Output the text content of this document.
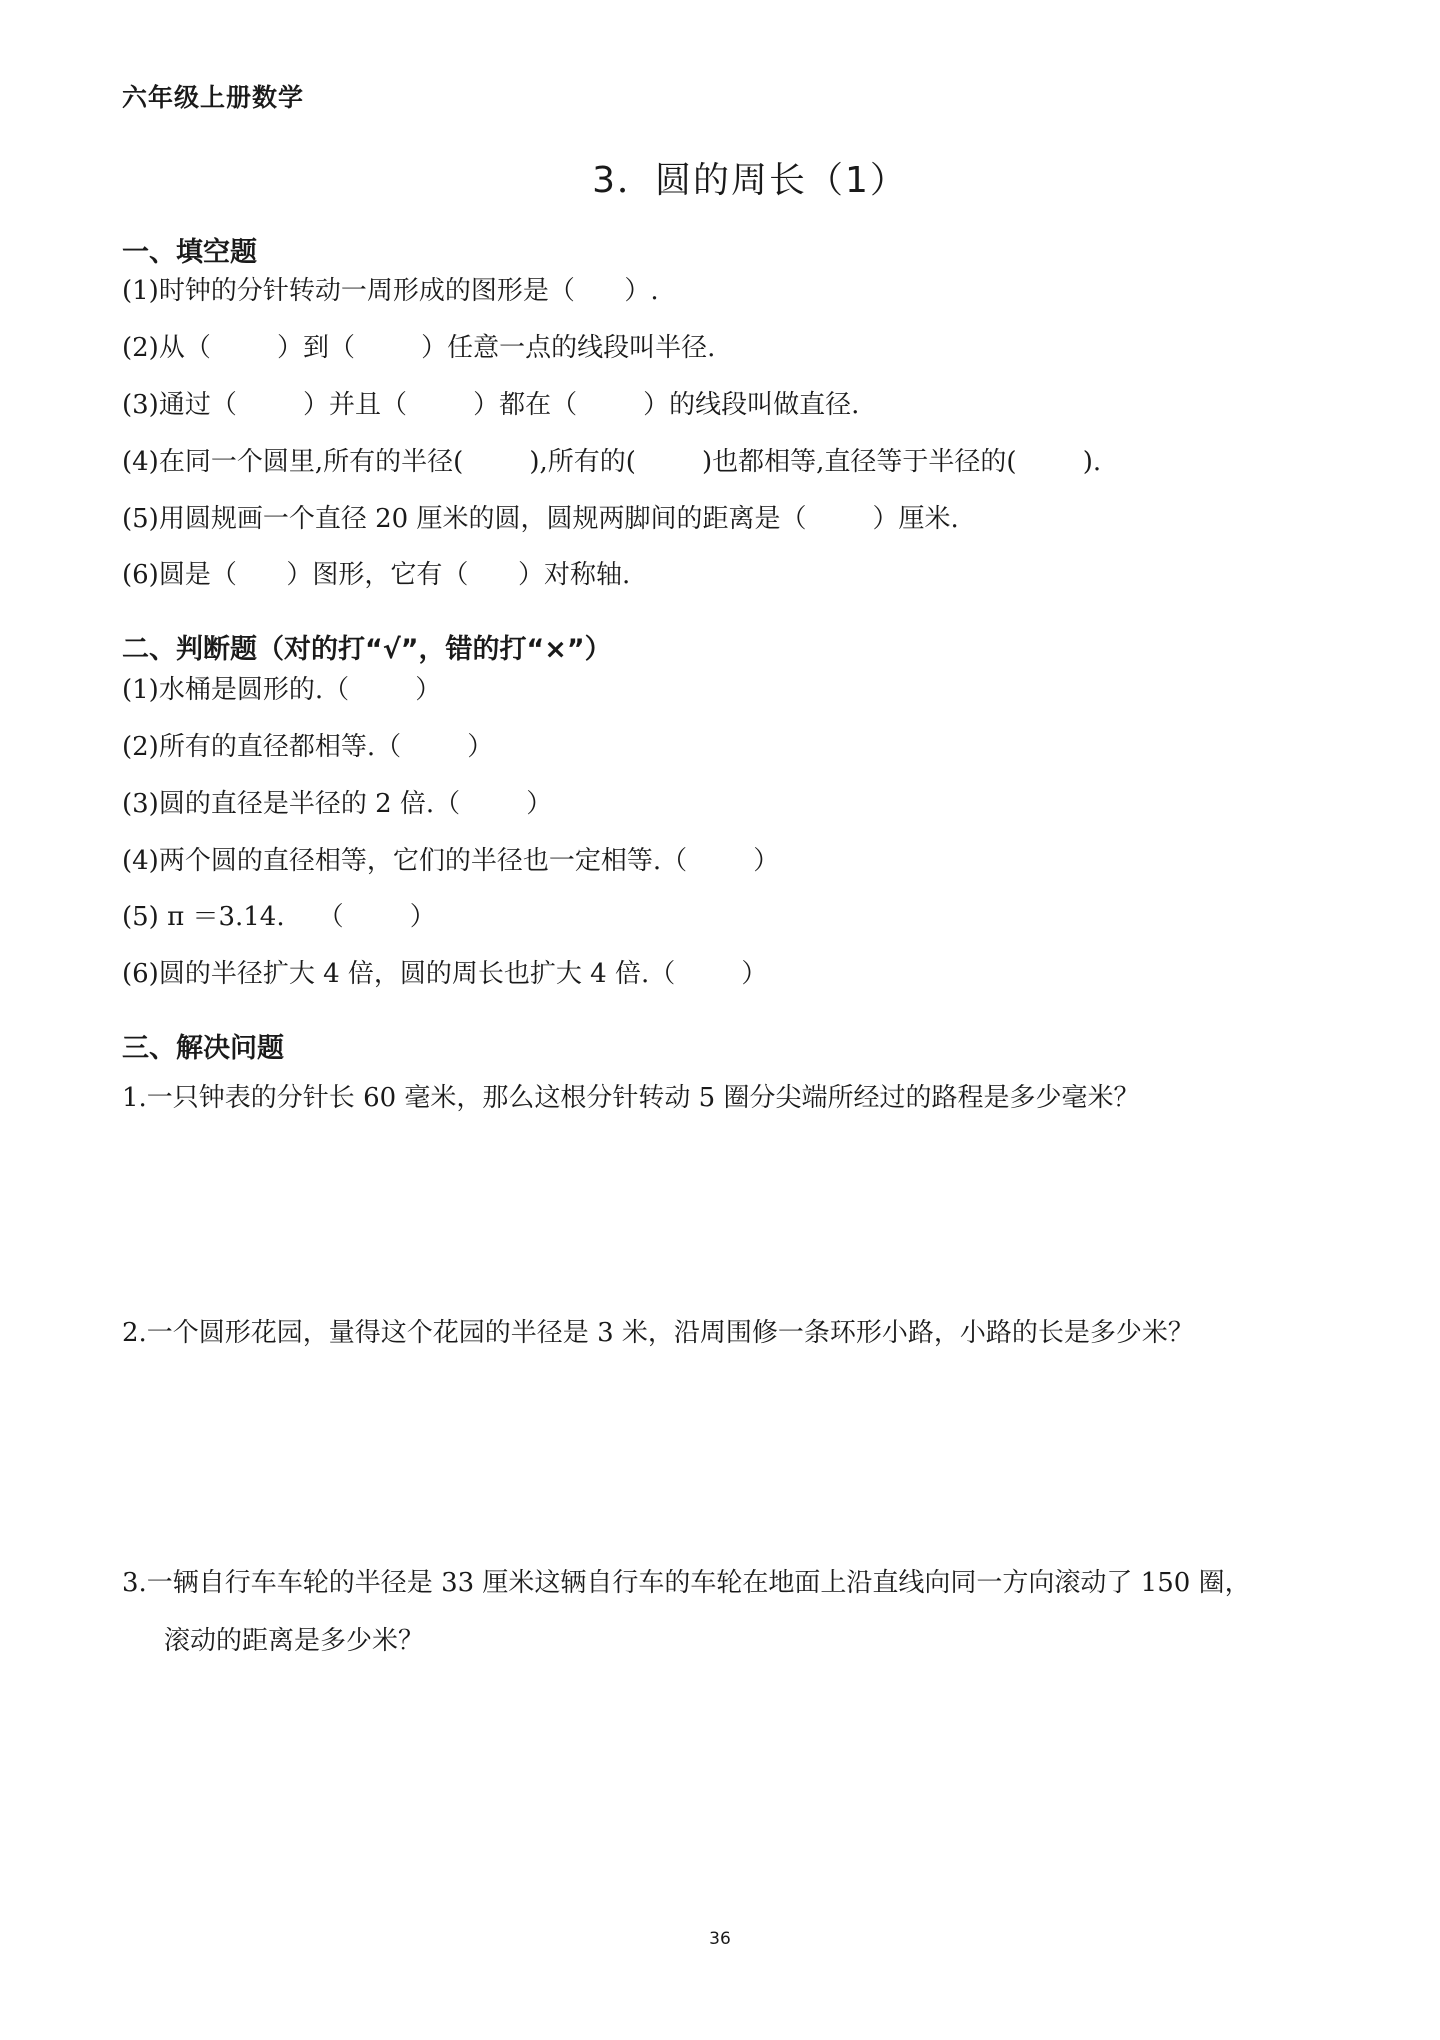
六年级上册数学
3．圆的周长（1）
一、填空题
(1)时钟的分针转动一周形成的图形是（      ）.
(2)从（        ）到（        ）任意一点的线段叫半径.
(3)通过（        ）并且（        ）都在（        ）的线段叫做直径.
(4)在同一个圆里,所有的半径(        ),所有的(        )也都相等,直径等于半径的(        ).
(5)用圆规画一个直径 20 厘米的圆，圆规两脚间的距离是（        ）厘米.
(6)圆是（      ）图形，它有（      ）对称轴.
二、判断题（对的打“√”，错的打“×”）
(1)水桶是圆形的.（        ）
(2)所有的直径都相等.（        ）
(3)圆的直径是半径的 2 倍.（        ）
(4)两个圆的直径相等，它们的半径也一定相等.（        ）
(5) π ＝3.14.    （        ）
(6)圆的半径扩大 4 倍，圆的周长也扩大 4 倍.（        ）
三、解决问题
1.一只钟表的分针长 60 毫米，那么这根分针转动 5 圈分尖端所经过的路程是多少毫米？
2.一个圆形花园，量得这个花园的半径是 3 米，沿周围修一条环形小路，小路的长是多少米？
3.一辆自行车车轮的半径是 33 厘米这辆自行车的车轮在地面上沿直线向同一方向滚动了 150 圈，
滚动的距离是多少米？
36
